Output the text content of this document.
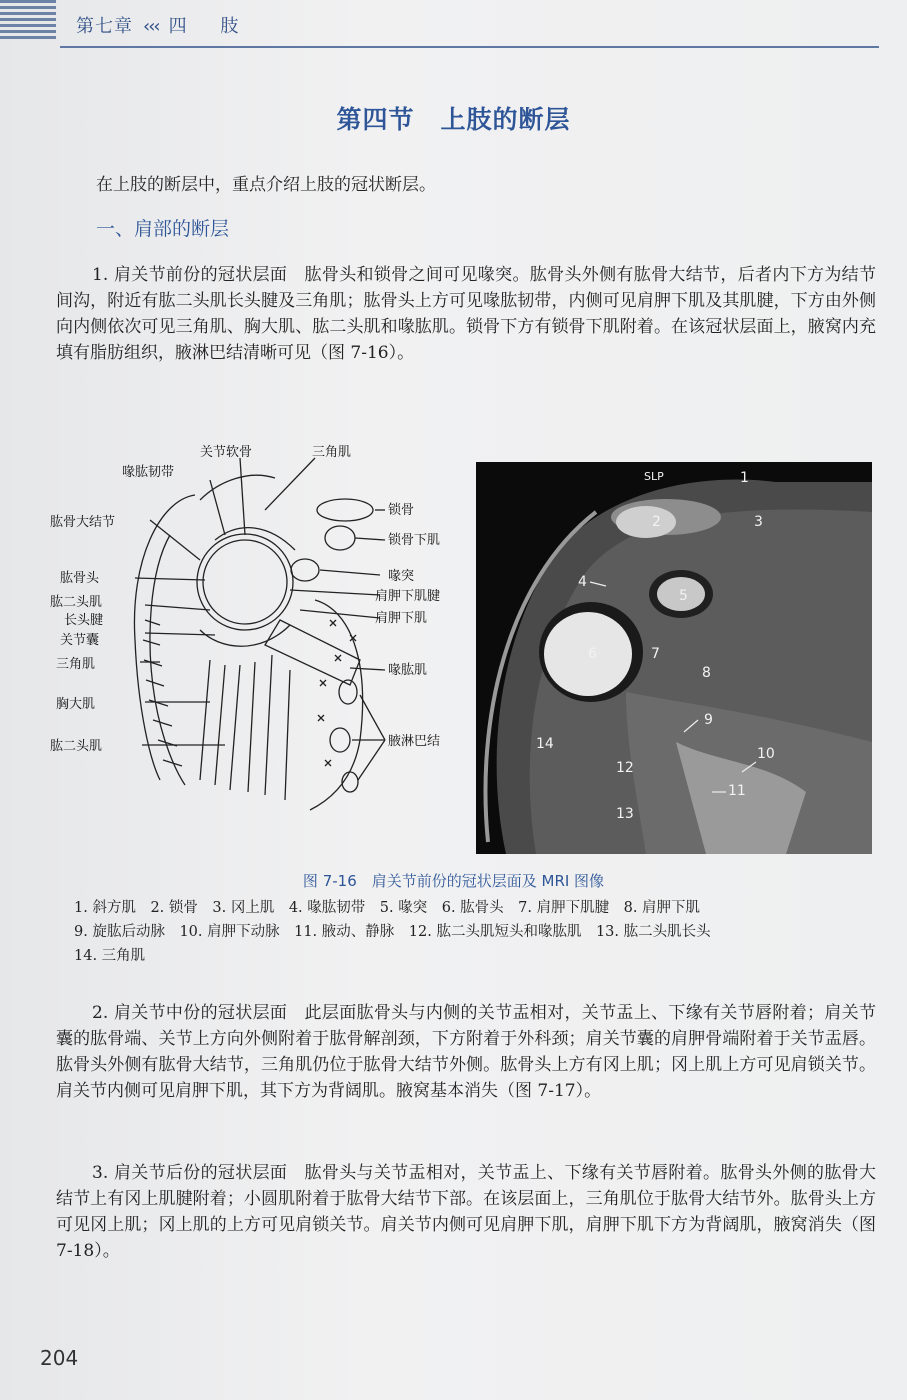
第七章 ‹‹‹ 四 肢
第四节　上肢的断层

在上肢的断层中，重点介绍上肢的冠状断层。

一、肩部的断层

1. 肩关节前份的冠状层面　肱骨头和锁骨之间可见喙突。肱骨头外侧有肱骨大结节，后者内下方为结节间沟，附近有肱二头肌长头腱及三角肌；肱骨头上方可见喙肱韧带，内侧可见肩胛下肌及其肌腱，下方由外侧向内侧依次可见三角肌、胸大肌、肱二头肌和喙肱肌。锁骨下方有锁骨下肌附着。在该冠状层面上，腋窝内充填有脂肪组织，腋淋巴结清晰可见（图 7-16）。

关节软骨	三角肌
喙肱韧带
锁骨
肱骨大结节
锁骨下肌
肱骨头	喙突
肱二头肌	肩胛下肌腱
长头腱	肩胛下肌
关节囊
三角肌	喙肱肌
胸大肌
肱二头肌	腋淋巴结
SLP	1
2	3
4
5
6	7
8
9
10
11
12
13
14
图 7-16　肩关节前份的冠状层面及 MRI 图像
1. 斜方肌　2. 锁骨　3. 冈上肌　4. 喙肱韧带　5. 喙突　6. 肱骨头　7. 肩胛下肌腱　8. 肩胛下肌
9. 旋肱后动脉　10. 肩胛下动脉　11. 腋动、静脉　12. 肱二头肌短头和喙肱肌　13. 肱二头肌长头
14. 三角肌

2. 肩关节中份的冠状层面　此层面肱骨头与内侧的关节盂相对，关节盂上、下缘有关节唇附着；肩关节囊的肱骨端、关节上方向外侧附着于肱骨解剖颈，下方附着于外科颈；肩关节囊的肩胛骨端附着于关节盂唇。肱骨头外侧有肱骨大结节，三角肌仍位于肱骨大结节外侧。肱骨头上方有冈上肌；冈上肌上方可见肩锁关节。肩关节内侧可见肩胛下肌，其下方为背阔肌。腋窝基本消失（图 7-17）。

3. 肩关节后份的冠状层面　肱骨头与关节盂相对，关节盂上、下缘有关节唇附着。肱骨头外侧的肱骨大结节上有冈上肌腱附着；小圆肌附着于肱骨大结节下部。在该层面上，三角肌位于肱骨大结节外。肱骨头上方可见冈上肌；冈上肌的上方可见肩锁关节。肩关节内侧可见肩胛下肌，肩胛下肌下方为背阔肌，腋窝消失（图 7-18）。

204
